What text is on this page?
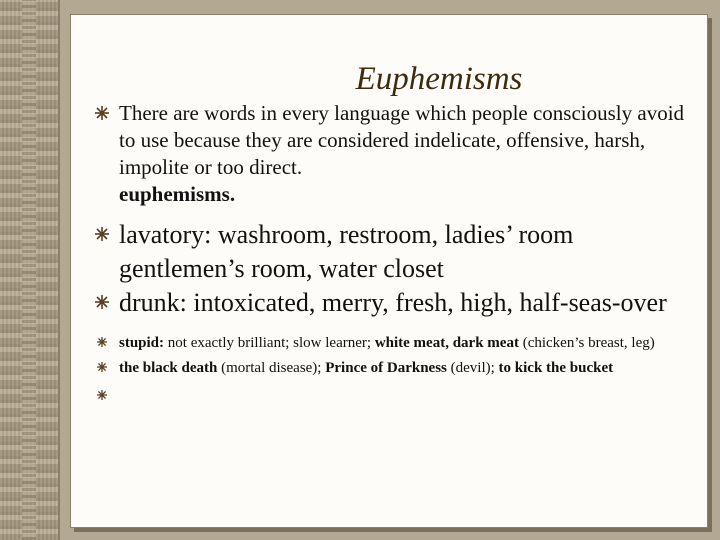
Euphemisms
There are words in every language which people consciously avoid to use because they are considered indelicate, offensive, harsh, impolite or too direct.
euphemisms.
lavatory: washroom, restroom, ladies’ room gentlemen’s room, water closet
drunk: intoxicated, merry, fresh, high, half-seas-over
stupid: not exactly brilliant; slow learner; white meat, dark meat (chicken’s breast, leg)
the black death (mortal disease); Prince of Darkness (devil); to kick the bucket
